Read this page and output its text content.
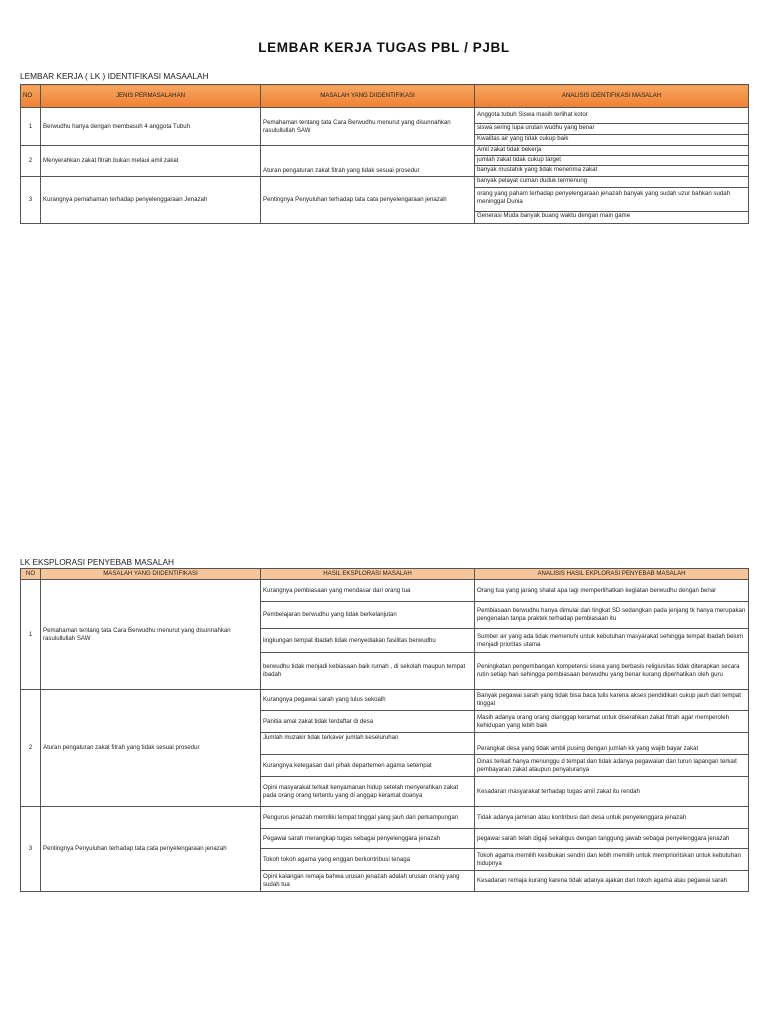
LEMBAR KERJA TUGAS PBL / PJBL
LEMBAR KERJA ( LK ) IDENTIFIKASI MASAALAH
NO	JENIS PERMASALAHAN	MASALAH YANG DIIDENTIFIKASI	ANALISIS IDENTIFIKASI MASALAH
1	Berwudhu hanya dengan membasuh 4 anggota Tubuh	Pemahaman tentang tata Cara Berwudhu menurut yang disunnahkan rasulullullah SAW	Anggota tubuh Siswa masih terlihat kotor
siswa sering lupa urutan wudhu yang benar
Kwalitas air yang tidak cukup baik

2	Menyerahkan zakat fitrah bukan melaui amil zakat	Aturan pengaturan zakat fitrah yang tidak sesuai prosedur	Amil zakat tidak bekerja
jumlah zakat tidak cukup target
banyak mustahik yang tidak menerima zakat

3	Kurangnya pemahaman terhadap penyelenggaraan Jenazah	Pentingnya Penyuluhan terhadap tata cata penyelengaraan jenazah	banyak pelayat cuman duduk termenung
orang yang paham terhadap penyelengaraan jenazah banyak yang sudah uzur bahkan sudah meninggal Dunia
Generasi Muda banyak buang waktu dengan main game
LK EKSPLORASI PENYEBAB MASALAH
NO	MASALAH YANG DIIDENTIFIKASI	HASIL EKSPLORASI MASALAH	ANALISIS HASIL EKPLORASI PENYEBAB MASALAH
1	Pemahaman tentang tata Cara Berwudhu menurut yang disunnahkan rasulullullah SAW	Kurangnya pembiasaan yang mendasar dari orang tua	Orang tua yang jarang shalat apa lagi memperlihatkan kegiatan berwudhu dengan benar
		Pembelajaran berwudhu yang tidak berkelanjutan	Pembiasaan berwudhu hanya dimulai dari tingkat SD sedangkan pada jenjang tk hanya merupakan pengenalan tanpa praktek terhadap pembiasaan itu
		lingkungan tempat ibadah tidak menyediakan fasilitas berwudhu	Sumber air yang ada tidak memenuhi untuk kebutuhan masyarakat sehingga tempat ibadah belum menjadi prioritas utama
		berwudhu tidak menjadi kebiasaan baik rumah , di sekolah maupun tempat ibadah	Peningkatan pengembangan kompetensi siswa yang berbasis religiusitas tidak diterapkan secara rutin setiap hari sehingga pembiasaan berwudhu yang benar kurang diperhatikan oleh guru
2	Aturan pengaturan zakat fitrah yang tidak sesuai prosedur	Kurangnya pegawai sarah yang lulus sekoalh	Banyak pegawai sarah yang tidak bisa baca tulis karena akses pendidikan cukup jauh dari tempat tinggal
		Panitia amal zakat tidak terdaftar di desa	Masih adanya orang orang dianggap keramat untuk diserahkan zakat fitrah agar memperoleh kehidupan yang lebih baik
		Jumlah muzakir tidak terkaver jumlah keseluruhan	Perangkat desa yang tidak ambil pusing dengan jumlah kk yang wajib bayar zakat
		Kurangnya ketegasan dari pihak departemen agama setempat	Dinas terkait hanya menunggu d tempat dan tidak adanya pegawaian dan turun lapangan terkait pembayaran zakat ataupun penyaluranya
		Opini masyarakat terkait kenyamanan hidup setelah menyerahkan zakat pada orang orang tertentu yang di anggap keramat doanya	Kesadaran masyarakat terhadap tugas amil zakat itu rendah
3	Pentingnya Penyuluhan terhadap tata cata penyelengaraan jenazah	Pengurus jenazah memiliki tempat tinggal yang jauh dari perkampungan	Tidak adanya jaminan atau kontribusi dari desa untuk penyelenggara jenazah
		Pegawai sarah merangkap tugas sebagai penyelenggara jenazah	pegawai sarah telah digaji sekaligus dengan tanggung jawab sebagai penyelenggara jenazah
		Tokoh tokoh agama yang enggan berkontribusi tenaga	Tokoh agama memilih kesibukan sendiri dan lebih memilih untuk memprioritskan untuk kebutuhan hidupnya
		Opini kalangan remaja bahwa urusan jenazah adalah urusan orang yang sudah tua	Kesadaran remaja kurang karena tidak adanya ajakan dari tokoh agama atau pegawai sarah
